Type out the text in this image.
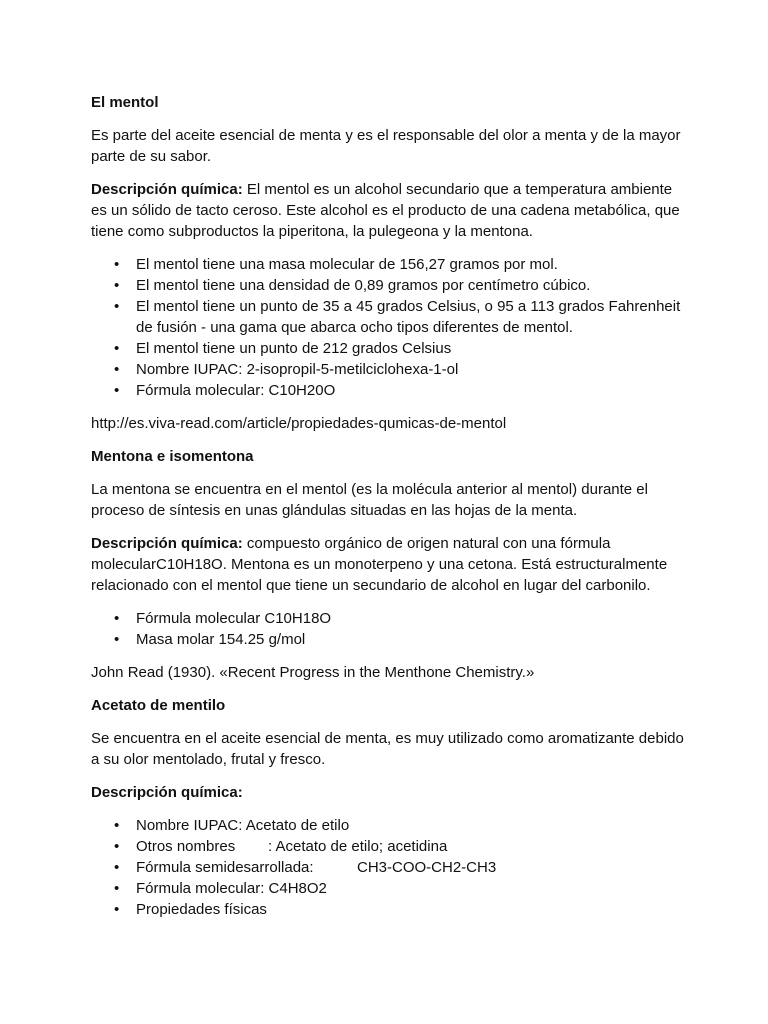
El mentol

Es parte del aceite esencial de menta y es el responsable del olor a menta y de la mayor parte de su sabor.

Descripción química: El mentol es un alcohol secundario que a temperatura ambiente es un sólido de tacto ceroso. Este alcohol es el producto de una cadena metabólica, que tiene como subproductos la piperitona, la pulegeona y la mentona.

• El mentol tiene una masa molecular de 156,27 gramos por mol.
• El mentol tiene una densidad de 0,89 gramos por centímetro cúbico.
• El mentol tiene un punto de 35 a 45 grados Celsius, o 95 a 113 grados Fahrenheit de fusión - una gama que abarca ocho tipos diferentes de mentol.
• El mentol tiene un punto de 212 grados Celsius
• Nombre IUPAC: 2-isopropil-5-metilciclohexa-1-ol
• Fórmula molecular: C10H20O

http://es.viva-read.com/article/propiedades-qumicas-de-mentol

Mentona e isomentona

La mentona se encuentra en el mentol (es la molécula anterior al mentol) durante el proceso de síntesis en unas glándulas situadas en las hojas de la menta.

Descripción química: compuesto orgánico de origen natural con una fórmula molecularC10H18O. Mentona es un monoterpeno y una cetona. Está estructuralmente relacionado con el mentol que tiene un secundario de alcohol en lugar del carbonilo.

• Fórmula molecular C10H18O
• Masa molar 154.25 g/mol

John Read (1930). «Recent Progress in the Menthone Chemistry.»

Acetato de mentilo

Se encuentra en el aceite esencial de menta, es muy utilizado como aromatizante debido a su olor mentolado, frutal y fresco.

Descripción química:

• Nombre IUPAC: Acetato de etilo
• Otros nombres : Acetato de etilo; acetidina
• Fórmula semidesarrollada:	CH3-COO-CH2-CH3
• Fórmula molecular: C4H8O2
• Propiedades físicas
